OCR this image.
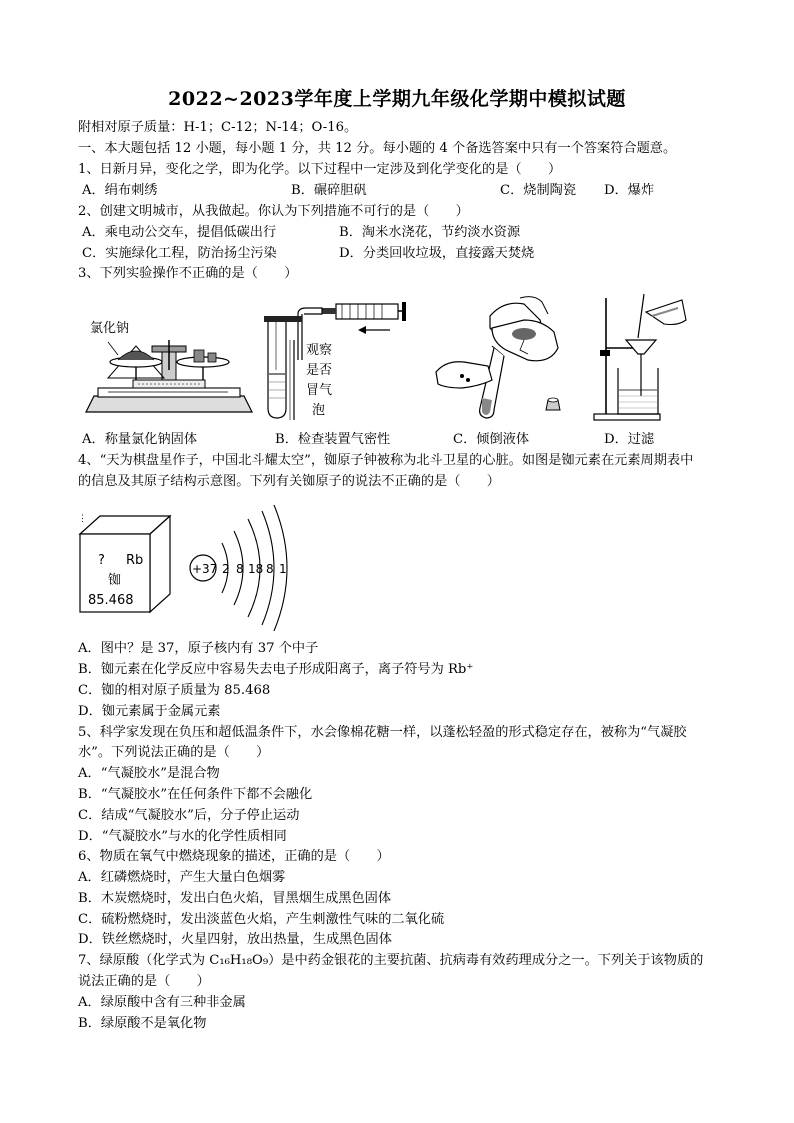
2022~2023学年度上学期九年级化学期中模拟试题
附相对原子质量：H-1；C-12；N-14；O-16。
一、本大题包括 12 小题，每小题 1 分，共 12 分。每小题的 4 个备选答案中只有一个答案符合题意。
1、日新月异，变化之学，即为化学。以下过程中一定涉及到化学变化的是（　　）
A．绢布刺绣	B．碾碎胆矾	C．烧制陶瓷 D．爆炸
2、创建文明城市，从我做起。你认为下列措施不可行的是（　　）
A．乘电动公交车，提倡低碳出行	B．淘米水浇花，节约淡水资源
C．实施绿化工程，防治扬尘污染	D．分类回收垃圾，直接露天焚烧
3、下列实验操作不正确的是（　　）
氯化钠
观察
是否
冒气
泡
A．称量氯化钠固体	B．检查装置气密性	C．倾倒液体	D．过滤
4、“天为棋盘星作子，中国北斗耀太空”，铷原子钟被称为北斗卫星的心脏。如图是铷元素在元素周期表中
的信息及其原子结构示意图。下列有关铷原子的说法不正确的是（　　）
? Rb
铷
85.468
⋮
+37 2 8 18 8 1
A．图中？是 37，原子核内有 37 个中子
B．铷元素在化学反应中容易失去电子形成阳离子，离子符号为 Rb⁺
C．铷的相对原子质量为 85.468
D．铷元素属于金属元素
5、科学家发现在负压和超低温条件下，水会像棉花糖一样，以蓬松轻盈的形式稳定存在，被称为“气凝胶
水”。下列说法正确的是（　　）
A．“气凝胶水”是混合物
B．“气凝胶水”在任何条件下都不会融化
C．结成“气凝胶水”后，分子停止运动
D．“气凝胶水”与水的化学性质相同
6、物质在氧气中燃烧现象的描述，正确的是（　　）
A．红磷燃烧时，产生大量白色烟雾
B．木炭燃烧时，发出白色火焰，冒黑烟生成黑色固体
C．硫粉燃烧时，发出淡蓝色火焰，产生刺激性气味的二氧化硫
D．铁丝燃烧时，火星四射，放出热量，生成黑色固体
7、绿原酸（化学式为 C₁₆H₁₈O₉）是中药金银花的主要抗菌、抗病毒有效药理成分之一。下列关于该物质的
说法正确的是（　　）
A．绿原酸中含有三种非金属
B．绿原酸不是氧化物
